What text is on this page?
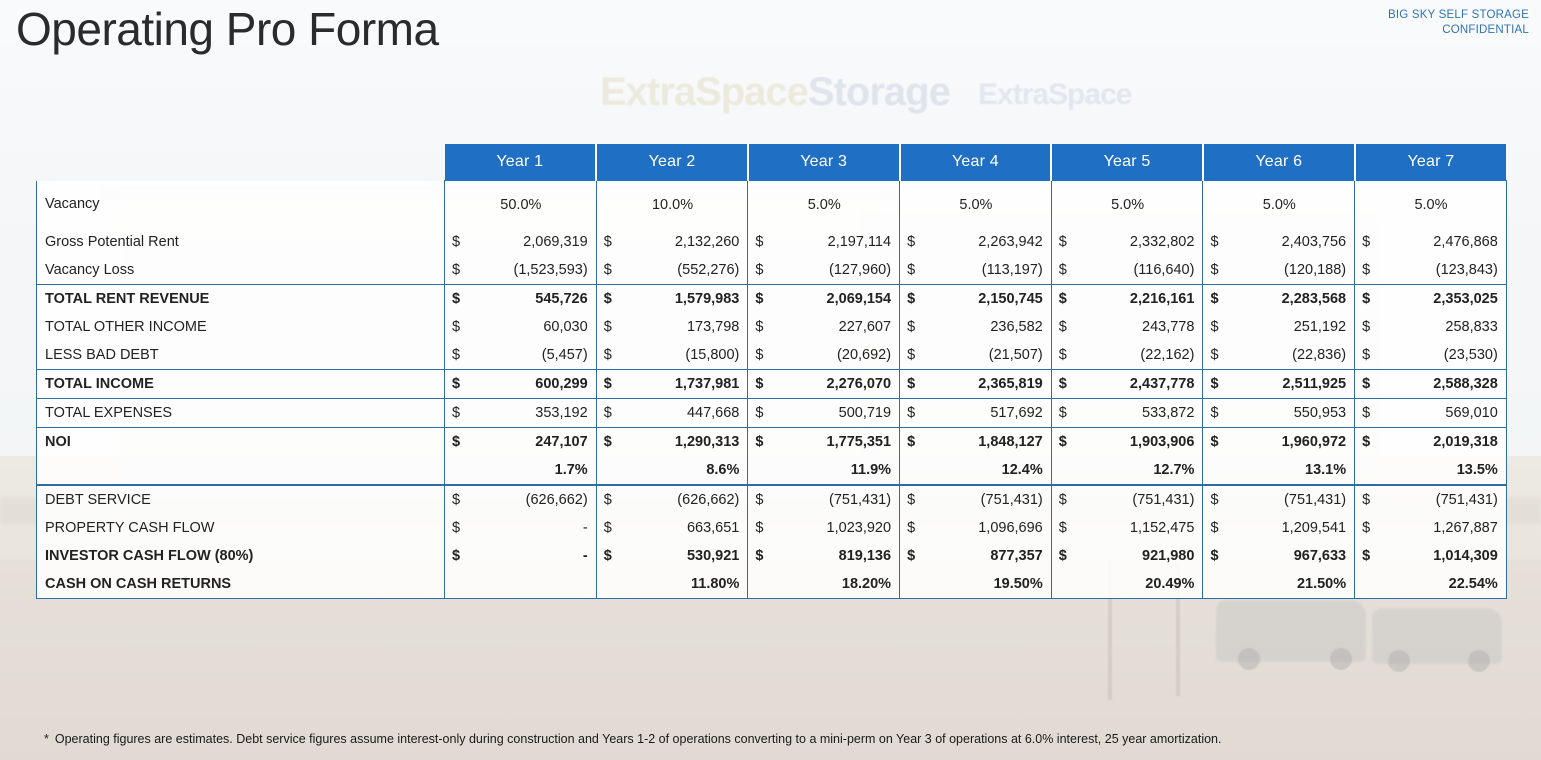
Operating Pro Forma	BIG SKY SELF STORAGE
CONFIDENTIAL
	Year 1	Year 2	Year 3	Year 4	Year 5	Year 6	Year 7
Vacancy	50.0%	10.0%	5.0%	5.0%	5.0%	5.0%	5.0%
Gross Potential Rent	$ 2,069,319	$ 2,132,260	$ 2,197,114	$ 2,263,942	$ 2,332,802	$ 2,403,756	$ 2,476,868
Vacancy Loss	$ (1,523,593)	$ (552,276)	$ (127,960)	$ (113,197)	$ (116,640)	$ (120,188)	$ (123,843)
TOTAL RENT REVENUE	$ 545,726	$ 1,579,983	$ 2,069,154	$ 2,150,745	$ 2,216,161	$ 2,283,568	$ 2,353,025
TOTAL OTHER INCOME	$ 60,030	$ 173,798	$ 227,607	$ 236,582	$ 243,778	$ 251,192	$ 258,833
LESS BAD DEBT	$ (5,457)	$ (15,800)	$ (20,692)	$ (21,507)	$ (22,162)	$ (22,836)	$ (23,530)
TOTAL INCOME	$ 600,299	$ 1,737,981	$ 2,276,070	$ 2,365,819	$ 2,437,778	$ 2,511,925	$ 2,588,328
TOTAL EXPENSES	$ 353,192	$ 447,668	$ 500,719	$ 517,692	$ 533,872	$ 550,953	$ 569,010
NOI	$ 247,107	$ 1,290,313	$ 1,775,351	$ 1,848,127	$ 1,903,906	$ 1,960,972	$ 2,019,318
	1.7%	8.6%	11.9%	12.4%	12.7%	13.1%	13.5%
DEBT SERVICE	$ (626,662)	$ (626,662)	$ (751,431)	$ (751,431)	$ (751,431)	$ (751,431)	$ (751,431)
PROPERTY CASH FLOW	$ -	$ 663,651	$ 1,023,920	$ 1,096,696	$ 1,152,475	$ 1,209,541	$ 1,267,887
INVESTOR CASH FLOW (80%)	$ -	$ 530,921	$ 819,136	$ 877,357	$ 921,980	$ 967,633	$ 1,014,309
CASH ON CASH RETURNS		11.80%	18.20%	19.50%	20.49%	21.50%	22.54%
* Operating figures are estimates. Debt service figures assume interest-only during construction and Years 1-2 of operations converting to a mini-perm on Year 3 of operations at 6.0% interest, 25 year amortization.
